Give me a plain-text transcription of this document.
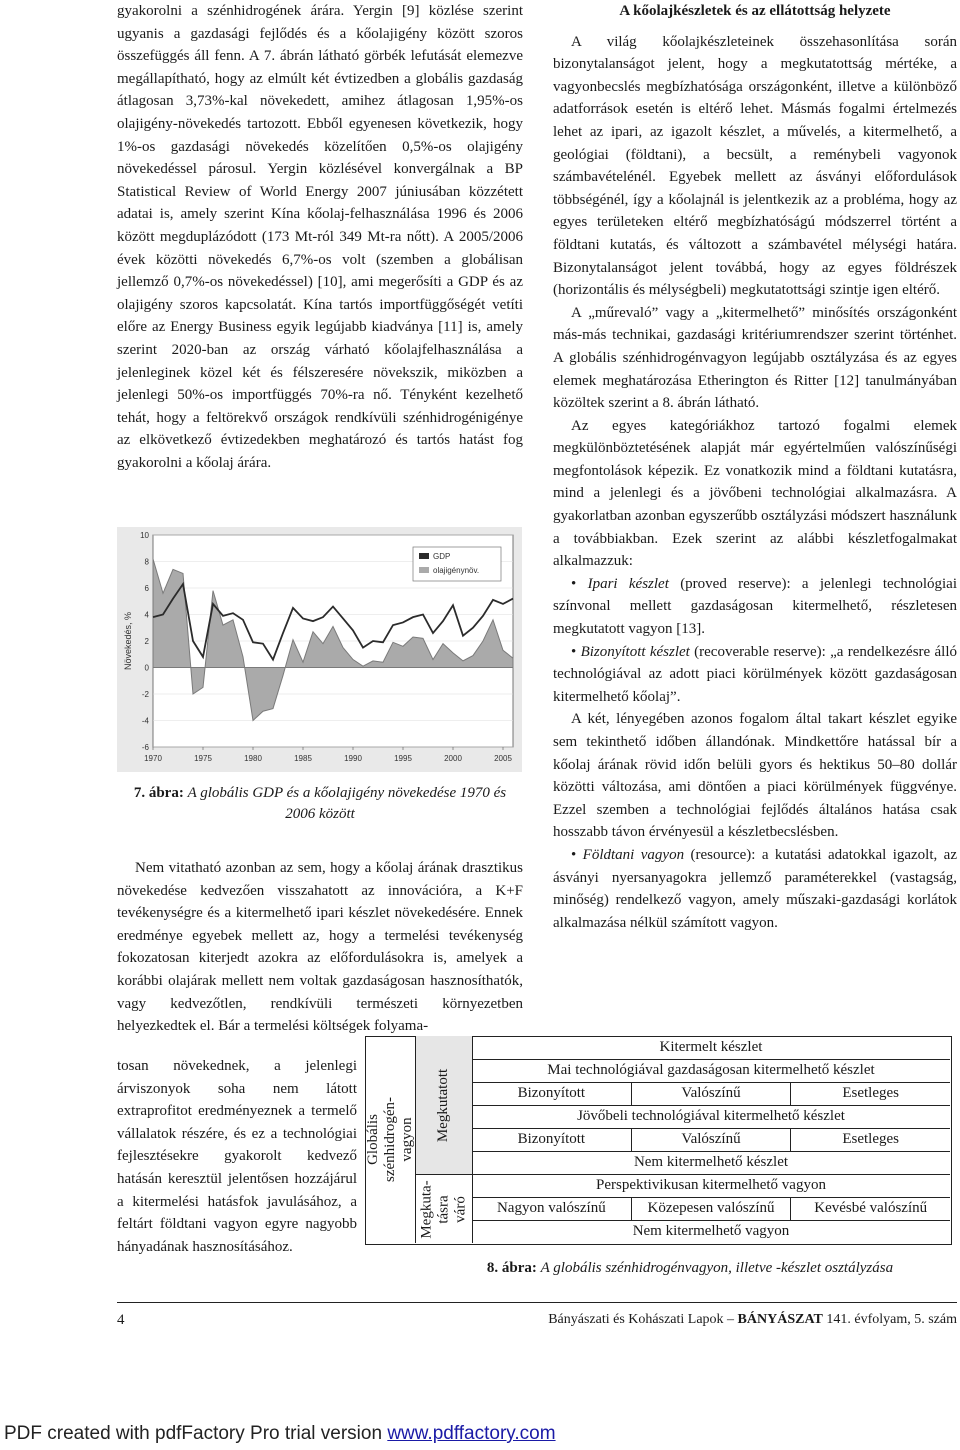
gyakorolni a szénhidrogének árára. Yergin [9] közlése szerint ugyanis a gazdasági fejlődés és a kőolajigény között szoros összefüggés áll fenn. A 7. ábrán látható görbék lefutását elemezve megállapítható, hogy az elmúlt két évtizedben a globális gazdaság átlagosan 3,73%-kal növekedett, amihez átlagosan 1,95%-os olajigény-növekedés tartozott. Ebből egyenesen következik, hogy 1%-os gazdasági növekedés közelítően 0,5%-os olajigény növekedéssel párosul. Yergin közlésével konvergálnak a BP Statistical Review of World Energy 2007 júniusában közzétett adatai is, amely szerint Kína kőolaj-felhasználása 1996 és 2006 között megduplázódott (173 Mt-ról 349 Mt-ra nőtt). A 2005/2006 évek közötti növekedés 6,7%-os volt (szemben a globálisan jellemző 0,7%-os növekedéssel) [10], ami megerősíti a GDP és az olajigény szoros kapcsolatát. Kína tartós importfüggőségét vetíti előre az Energy Business egyik legújabb kiadványa [11] is, amely szerint 2020-ban az ország várható kőolajfelhasználása a jelenleginek közel két és félszeresére növekszik, miközben a jelenlegi 50%-os importfüggés 70%-ra nő. Tényként kezelhető tehát, hogy a feltörekvő országok rendkívüli szénhidrogénigénye az elkövetkező évtizedekben meghatározó és tartós hatást fog gyakorolni a kőolaj árára.

10
8
6
4
2
0
-2
-4
-6
1970	1975	1980	1985	1990	1995	2000	2005
Növekedés, %
GDP
olajigénynöv.
7. ábra: A globális GDP és a kőolajigény növekedése 1970 és 2006 között

Nem vitatható azonban az sem, hogy a kőolaj árának drasztikus növekedése kedvezően visszahatott az innovációra, a K+F tevékenységre és a kitermelhető ipari készlet növekedésére. Ennek eredménye egyebek mellett az, hogy a termelési tevékenység fokozatosan kiterjedt azokra az előfordulásokra is, amelyek a korábbi olajárak mellett nem voltak gazdaságosan hasznosíthatók, vagy kedvezőtlen, rendkívüli természeti környezetben helyezkedtek el. Bár a termelési költségek folyama-

tosan növekednek, a jelenlegi árviszonyok soha nem látott extraprofitot eredményeznek a termelő vállalatok részére, és ez a technológiai fejlesztésekre gyakorolt kedvező hatásán keresztül jelentősen hozzájárul a kitermelési hatásfok javulásához, a feltárt földtani vagyon egyre nagyobb hányadának hasznosításához.

A kőolajkészletek és az ellátottság helyzete

A világ kőolajkészleteinek összehasonlítása során bizonytalanságot jelent, hogy a megkutatottság mértéke, a vagyonbecslés megbízhatósága országonként, illetve a különböző adatforrások esetén is eltérő lehet. Másmás fogalmi értelmezés lehet az ipari, az igazolt készlet, a művelés, a kitermelhető, a geológiai (földtani), a becsült, a reménybeli vagyonok számbavételénél. Egyebek mellett az ásványi előfordulások többségénél, így a kőolajnál is jelentkezik az a probléma, hogy az egyes területeken eltérő megbízhatóságú módszerrel történt a földtani kutatás, és változott a számbavétel mélységi határa. Bizonytalanságot jelent továbbá, hogy az egyes földrészek (horizontális és mélységbeli) megkutatottsági szintje igen eltérő.

A „műrevaló” vagy a „kitermelhető” minősítés országonként más-más technikai, gazdasági kritériumrendszer szerint történhet. A globális szénhidrogénvagyon legújabb osztályzása és az egyes elemek meghatározása Etherington és Ritter [12] tanulmányában közöltek szerint a 8. ábrán látható.

Az egyes kategóriákhoz tartozó fogalmi elemek megkülönböztetésének alapját már egyértelműen valószínűségi megfontolások képezik. Ez vonatkozik mind a földtani kutatásra, mind a jelenlegi és a jövőbeni technológiai alkalmazásra. A gyakorlatban azonban egyszerűbb osztályzási módszert használunk a továbbiakban. Ezek szerint az alábbi készletfogalmakat alkalmazzuk:

• Ipari készlet (proved reserve): a jelenlegi technológiai színvonal mellett gazdaságosan kitermelhető, részletesen megkutatott vagyon [13].

• Bizonyított készlet (recoverable reserve): „a rendelkezésre álló technológiával az adott piaci körülmények között gazdaságosan kitermelhető kőolaj”.

A két, lényegében azonos fogalom által takart készlet egyike sem tekinthető időben állandónak. Mindkettőre hatással bír a kőolaj árának rövid időn belüli gyors és hektikus 50–80 dollár közötti változása, ami döntően a piaci körülmények függvénye. Ezzel szemben a technológiai fejlődés általános hatása csak hosszabb távon érvényesül a készletbecslésben.

• Földtani vagyon (resource): a kutatási adatokkal igazolt, az ásványi nyersanyagokra jellemző paraméterekkel (vastagság, minőség) rendelkező vagyon, amely műszaki-gazdasági korlátok alkalmazása nélkül számított vagyon.

Globális szénhidrogén-vagyon Megkutatott
Megkuta-tásra váró
Kitermelt készlet
Mai technológiával gazdaságosan kitermelhető készlet
Bizonyított	Valószínű	Esetleges
Jövőbeli technológiával kitermelhető készlet
Bizonyított	Valószínű	Esetleges
Nem kitermelhető készlet
Perspektivikusan kitermelhető vagyon
Nagyon valószínű	Közepesen valószínű	Kevésbé valószínű
Nem kitermelhető vagyon
8. ábra: A globális szénhidrogénvagyon, illetve -készlet osztályzása
4	Bányászati és Kohászati Lapok – BÁNYÁSZAT 141. évfolyam, 5. szám
PDF created with pdfFactory Pro trial version www.pdffactory.com
